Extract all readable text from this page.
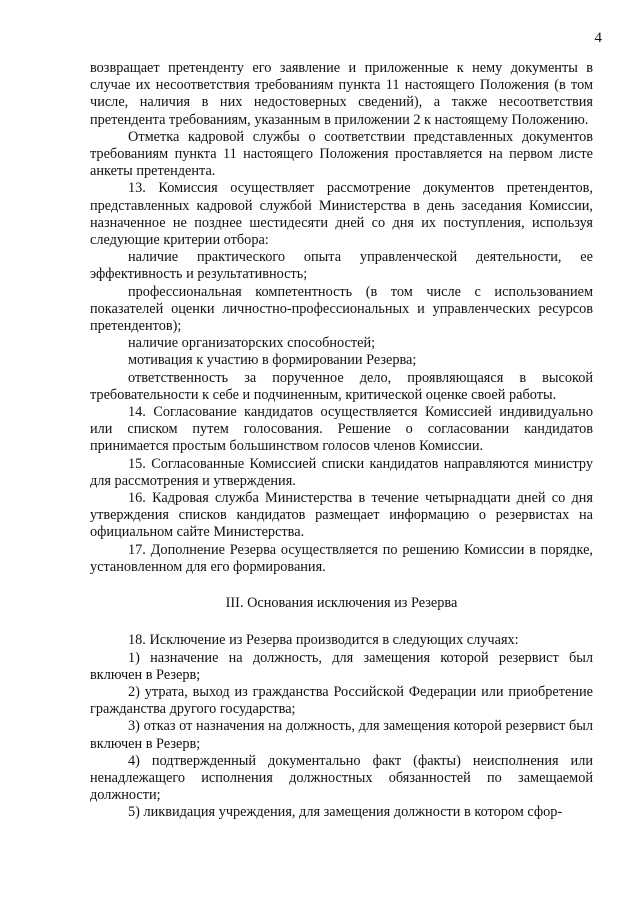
4

возвращает претенденту его заявление и приложенные к нему документы в случае их несоответствия требованиям пункта 11 настоящего Положения (в том числе, наличия в них недостоверных сведений), а также несоответствия претендента требованиям, указанным в приложении 2 к настоящему Положению.

Отметка кадровой службы о соответствии представленных документов требованиям пункта 11 настоящего Положения проставляется на первом листе анкеты претендента.

13. Комиссия осуществляет рассмотрение документов претендентов, представленных кадровой службой Министерства в день заседания Комиссии, назначенное не позднее шестидесяти дней со дня их поступления, используя следующие критерии отбора:

наличие практического опыта управленческой деятельности, ее эффективность и результативность;

профессиональная компетентность (в том числе с использованием показателей оценки личностно-профессиональных и управленческих ресурсов претендентов);

наличие организаторских способностей;

мотивация к участию в формировании Резерва;

ответственность за порученное дело, проявляющаяся в высокой требовательности к себе и подчиненным, критической оценке своей работы.

14. Согласование кандидатов осуществляется Комиссией индивидуально или списком путем голосования. Решение о согласовании кандидатов принимается простым большинством голосов членов Комиссии.

15. Согласованные Комиссией списки кандидатов направляются министру для рассмотрения и утверждения.

16. Кадровая служба Министерства в течение четырнадцати дней со дня утверждения списков кандидатов размещает информацию о резервистах на официальном сайте Министерства.

17. Дополнение Резерва осуществляется по решению Комиссии в порядке, установленном для его формирования.

III. Основания исключения из Резерва

18. Исключение из Резерва производится в следующих случаях:

1) назначение на должность, для замещения которой резервист был включен в Резерв;

2) утрата, выход из гражданства Российской Федерации или приобретение гражданства другого государства;

3) отказ от назначения на должность, для замещения которой резервист был включен в Резерв;

4) подтвержденный документально факт (факты) неисполнения или ненадлежащего исполнения должностных обязанностей по замещаемой должности;

5) ликвидация учреждения, для замещения должности в котором сфор-
